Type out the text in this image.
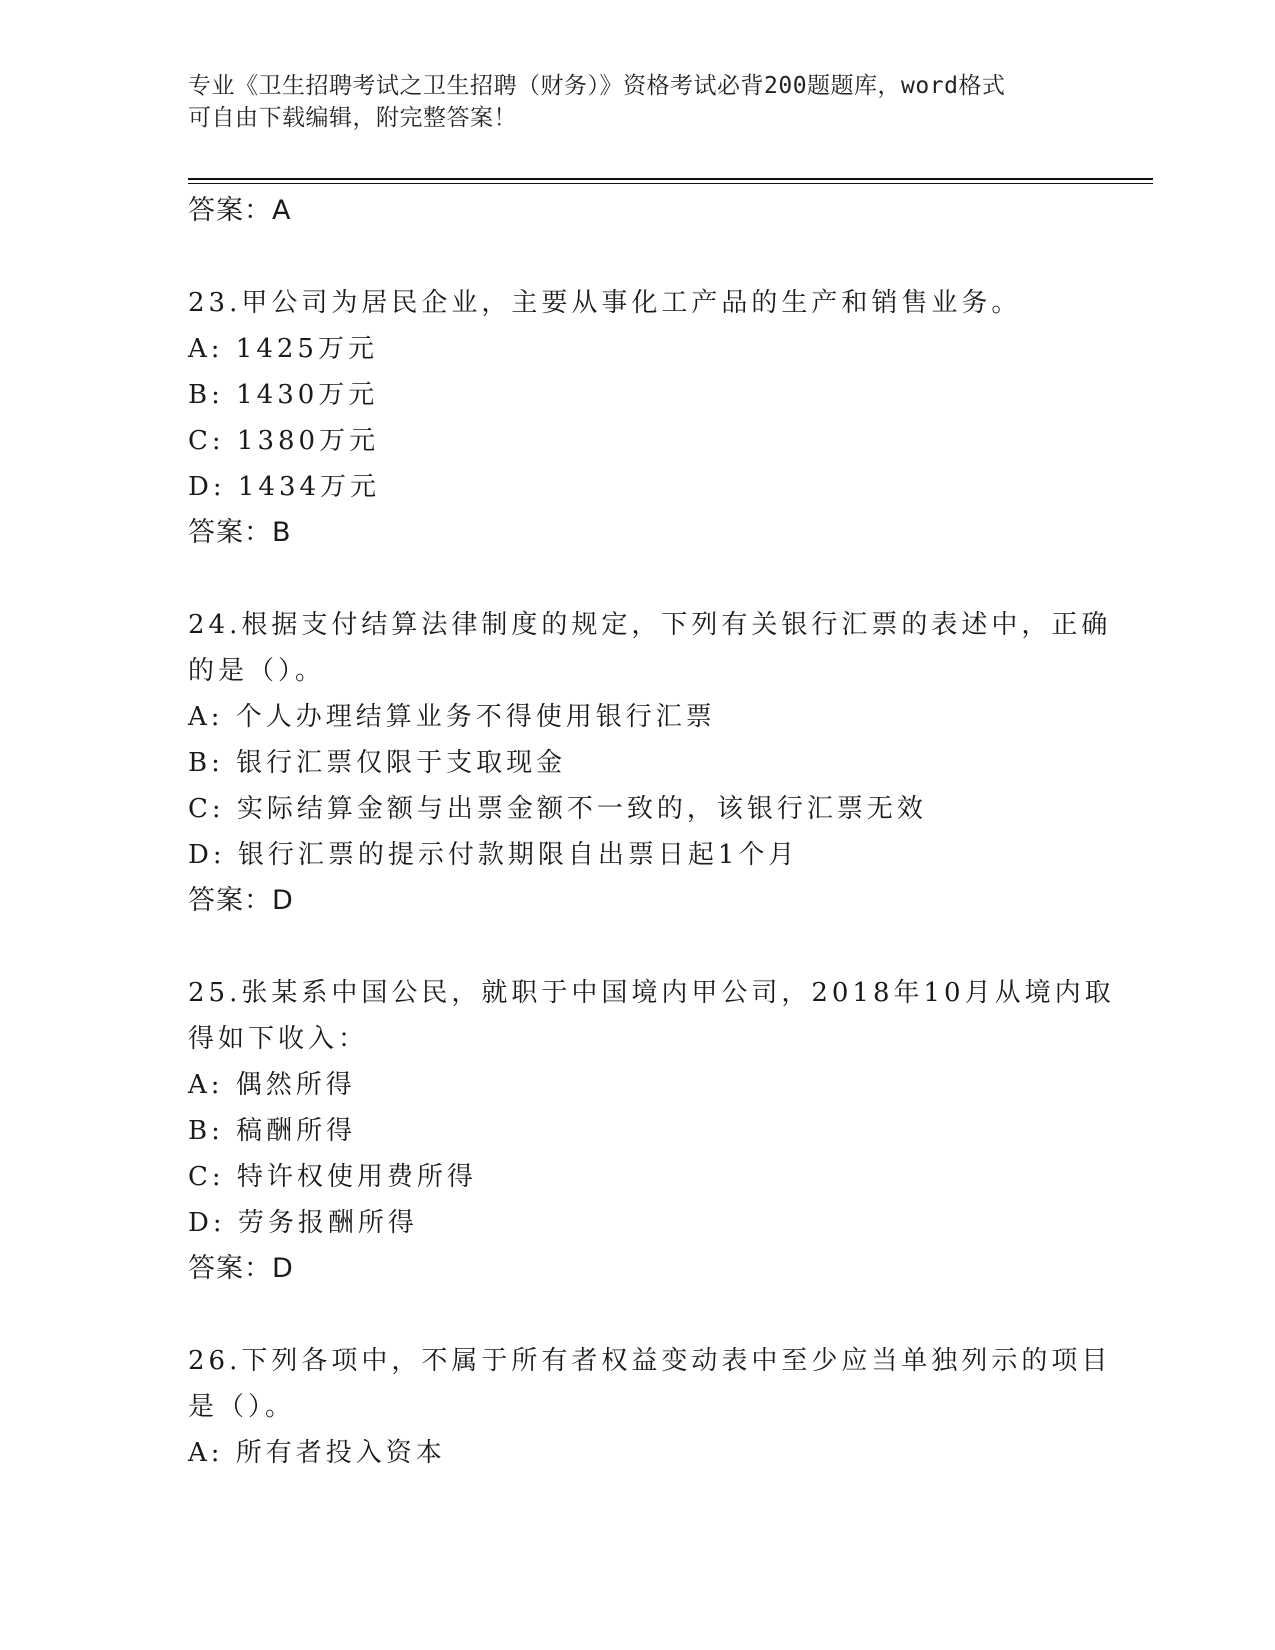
专业《卫生招聘考试之卫生招聘（财务）》资格考试必背200题题库，word格式
可自由下载编辑，附完整答案！
答案：A
23.甲公司为居民企业，主要从事化工产品的生产和销售业务。
A: 1425万元
B: 1430万元
C: 1380万元
D: 1434万元
答案：B
24.根据支付结算法律制度的规定，下列有关银行汇票的表述中，正确
的是（）。
A: 个人办理结算业务不得使用银行汇票
B: 银行汇票仅限于支取现金
C: 实际结算金额与出票金额不一致的，该银行汇票无效
D: 银行汇票的提示付款期限自出票日起1个月
答案：D
25.张某系中国公民，就职于中国境内甲公司，2018年10月从境内取
得如下收入：
A: 偶然所得
B: 稿酬所得
C: 特许权使用费所得
D: 劳务报酬所得
答案：D
26.下列各项中，不属于所有者权益变动表中至少应当单独列示的项目
是（）。
A: 所有者投入资本
